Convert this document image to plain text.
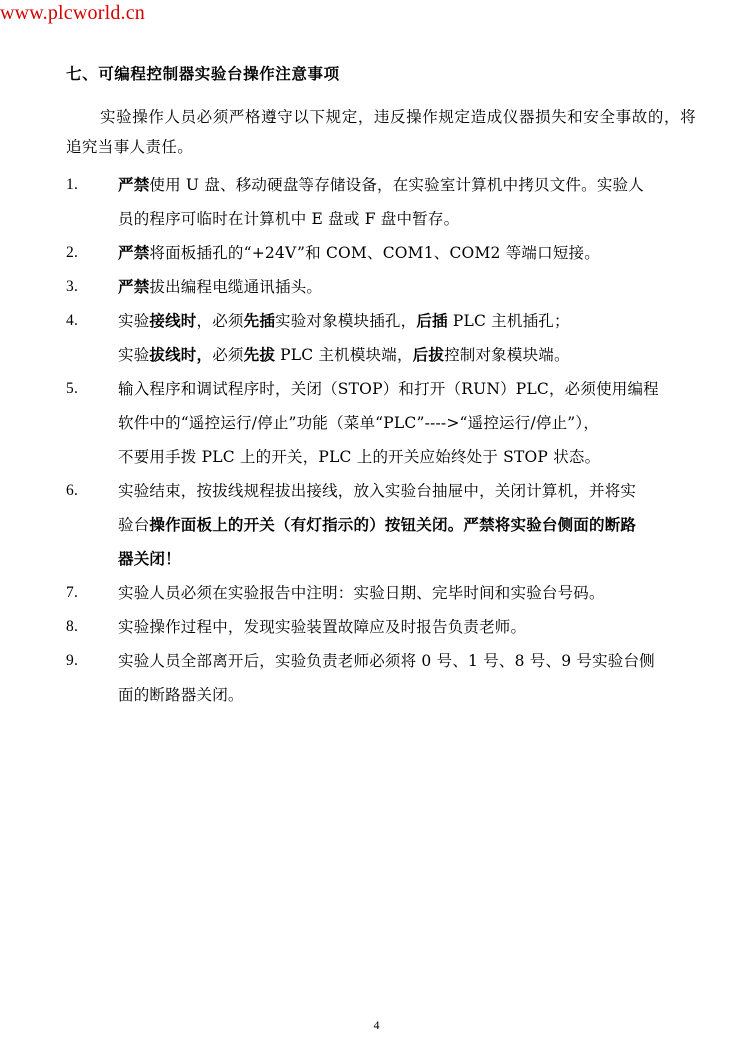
www.plcworld.cn
七、可编程控制器实验台操作注意事项
实验操作人员必须严格遵守以下规定，违反操作规定造成仪器损失和安全事故的，将追究当事人责任。
1.	严禁使用 U 盘、移动硬盘等存储设备，在实验室计算机中拷贝文件。实验人
员的程序可临时在计算机中 E 盘或 F 盘中暂存。
2.	严禁将面板插孔的“+24V”和 COM、COM1、COM2 等端口短接。
3.	严禁拔出编程电缆通讯插头。
4.	实验接线时，必须先插实验对象模块插孔，后插 PLC 主机插孔；
实验拔线时，必须先拔 PLC 主机模块端，后拔控制对象模块端。
5.	输入程序和调试程序时，关闭（STOP）和打开（RUN）PLC，必须使用编程
软件中的“遥控运行/停止”功能（菜单“PLC”---->“遥控运行/停止”），
不要用手拨 PLC 上的开关，PLC 上的开关应始终处于 STOP 状态。
6.	实验结束，按拔线规程拔出接线，放入实验台抽屉中，关闭计算机，并将实
验台操作面板上的开关（有灯指示的）按钮关闭。严禁将实验台侧面的断路
器关闭！
7.	实验人员必须在实验报告中注明：实验日期、完毕时间和实验台号码。
8.	实验操作过程中，发现实验装置故障应及时报告负责老师。
9.	实验人员全部离开后，实验负责老师必须将 0 号、1 号、8 号、9 号实验台侧
面的断路器关闭。
4
